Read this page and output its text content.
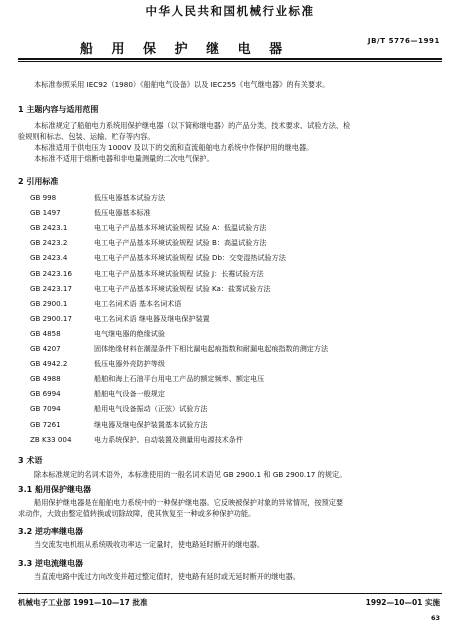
中华人民共和国机械行业标准
JB/T 5776—1991
船 用 保 护 继 电 器
本标准参照采用 IEC92（1980）《船舶电气设备》以及 IEC255《电气继电器》的有关要求。
1 主题内容与适用范围
本标准规定了船舶电力系统用保护继电器（以下简称继电器）的产品分类、技术要求、试验方法、检
验规则和标志、包装、运输、贮存等内容。
本标准适用于供电压为 1000V 及以下的交流和直流船舶电力系统中作保护用的继电器。
本标准不适用于熔断电器和非电量测量的二次电气保护。
2 引用标准
GB 998	低压电器基本试验方法
GB 1497	低压电器基本标准
GB 2423.1	电工电子产品基本环境试验规程 试验 A：低温试验方法
GB 2423.2	电工电子产品基本环境试验规程 试验 B：高温试验方法
GB 2423.4	电工电子产品基本环境试验规程 试验 Db：交变湿热试验方法
GB 2423.16	电工电子产品基本环境试验规程 试验 J：长霉试验方法
GB 2423.17	电工电子产品基本环境试验规程 试验 Ka：盐雾试验方法
GB 2900.1	电工名词术语 基本名词术语
GB 2900.17	电工名词术语 继电器及继电保护装置
GB 4858	电气继电器的绝缘试验
GB 4207	固体绝缘材料在潮湿条件下相比漏电起痕指数和耐漏电起痕指数的测定方法
GB 4942.2	低压电器外壳防护等级
GB 4988	船舶和海上石油平台用电工产品的额定频率、额定电压
GB 6994	船舶电气设备一般规定
GB 7094	船用电气设备振动（正弦）试验方法
GB 7261	继电器及继电保护装置基本试验方法
ZB K33 004	电力系统保护、自动装置及测量用电源技术条件
3 术语
除本标准规定的名词术语外，本标准使用的一般名词术语见 GB 2900.1 和 GB 2900.17 的规定。
3.1 船用保护继电器
船用保护继电器是在船舶电力系统中的一种保护继电器。它反映被保护对象的异常情况，按预定要
求动作，大致由整定值转换或切除故障，使其恢复至一种或多种保护功能。
3.2 逆功率继电器
当交流发电机组从系统吸收功率达一定量时，使电路延时断开的继电器。
3.3 逆电流继电器
当直流电路中流过方向改变并超过整定值时，使电路有延时或无延时断开的继电器。
机械电子工业部 1991—10—17 批准	1992—10—01 实施
63
